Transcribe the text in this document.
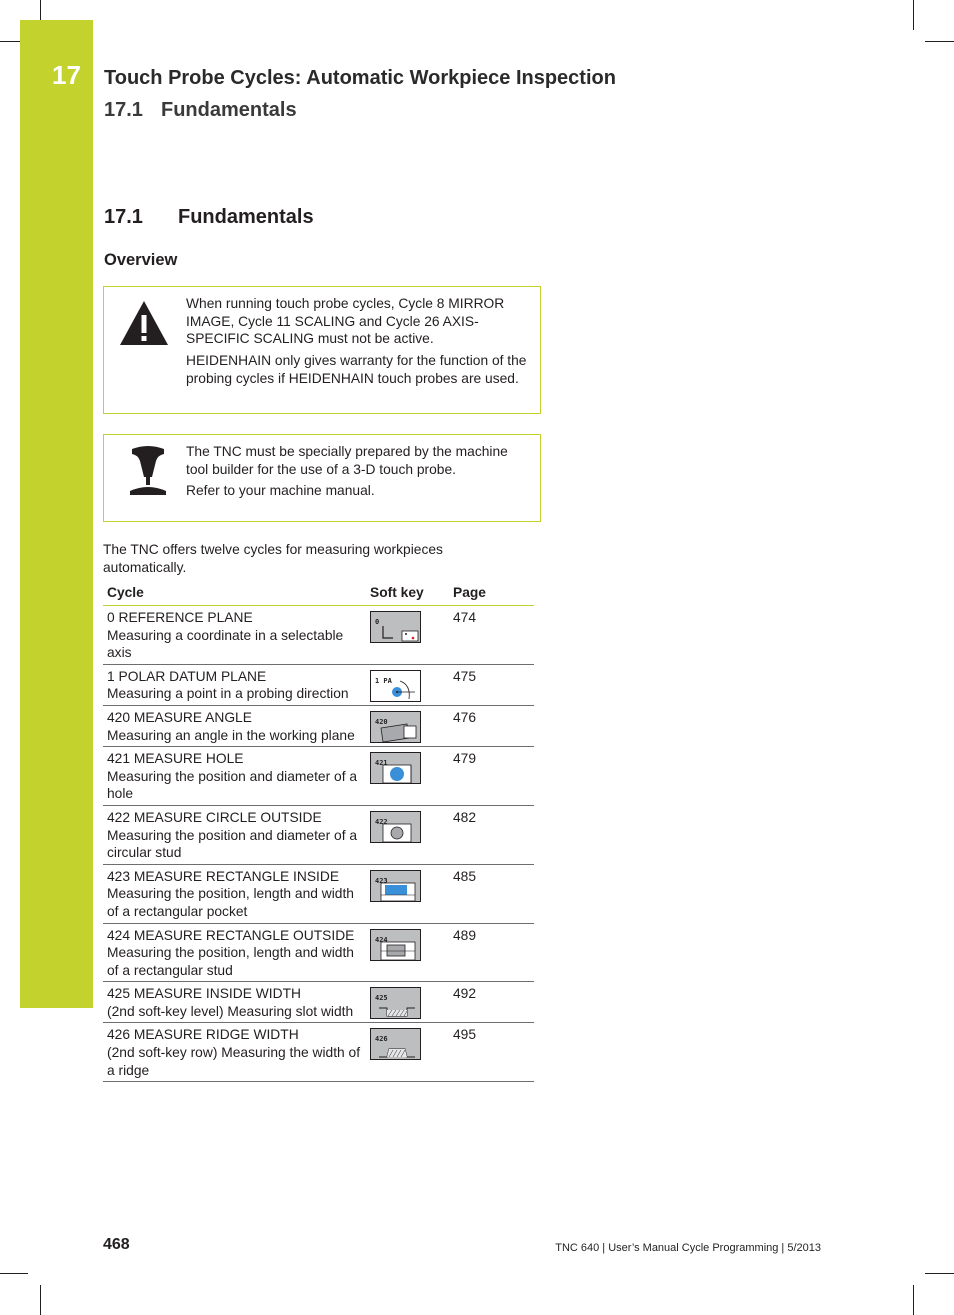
17 Touch Probe Cycles: Automatic Workpiece Inspection
17.1 Fundamentals
17.1 Fundamentals
Overview

When running touch probe cycles, Cycle 8 MIRROR IMAGE, Cycle 11 SCALING and Cycle 26 AXIS-SPECIFIC SCALING must not be active.

HEIDENHAIN only gives warranty for the function of the probing cycles if HEIDENHAIN touch probes are used.

The TNC must be specially prepared by the machine tool builder for the use of a 3-D touch probe.

Refer to your machine manual.

The TNC offers twelve cycles for measuring workpieces automatically.
Cycle	Soft key	Page

0 REFERENCE PLANE
Measuring a coordinate in a selectable axis	0	474

1 POLAR DATUM PLANE
Measuring a point in a probing direction	1 PA	475

420 MEASURE ANGLE
Measuring an angle in the working plane	420	476

421 MEASURE HOLE
Measuring the position and diameter of a hole	421	479

422 MEASURE CIRCLE OUTSIDE
Measuring the position and diameter of a circular stud	422	482

423 MEASURE RECTANGLE INSIDE
Measuring the position, length and width of a rectangular pocket	423	485

424 MEASURE RECTANGLE OUTSIDE
Measuring the position, length and width of a rectangular stud	424	489

425 MEASURE INSIDE WIDTH
(2nd soft-key level) Measuring slot width	425	492

426 MEASURE RIDGE WIDTH
(2nd soft-key row) Measuring the width of a ridge	426	495
468	TNC 640 | User’s Manual Cycle Programming | 5/2013
